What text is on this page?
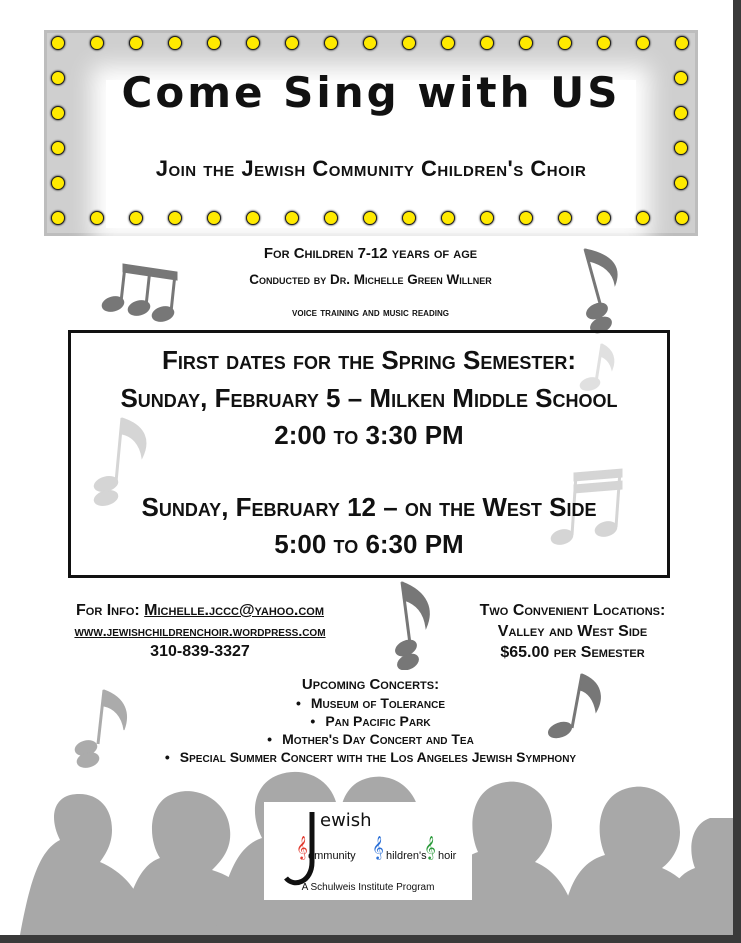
Come Sing with US
Join the Jewish Community Children's Choir
For Children 7-12 years of age
Conducted by Dr. Michelle Green Willner
voice training and music reading
First dates for the Spring Semester:
Sunday, February 5 – Milken Middle School
2:00 to 3:30 PM
Sunday, February 12 – on the West Side
5:00 to 6:30 PM
For Info: Michelle.jccc@yahoo.com
www.jewishchildrenchoir.wordpress.com
310-839-3327
Two Convenient Locations:
Valley and West Side
$65.00 per Semester
Upcoming Concerts:
• Museum of Tolerance
• Pan Pacific Park
• Mother's Day Concert and Tea
• Special Summer Concert with the Los Angeles Jewish Symphony
𝄞	𝄞 𝄞
ewish
ommunity	hildren's hoir
A Schulweis Institute Program
